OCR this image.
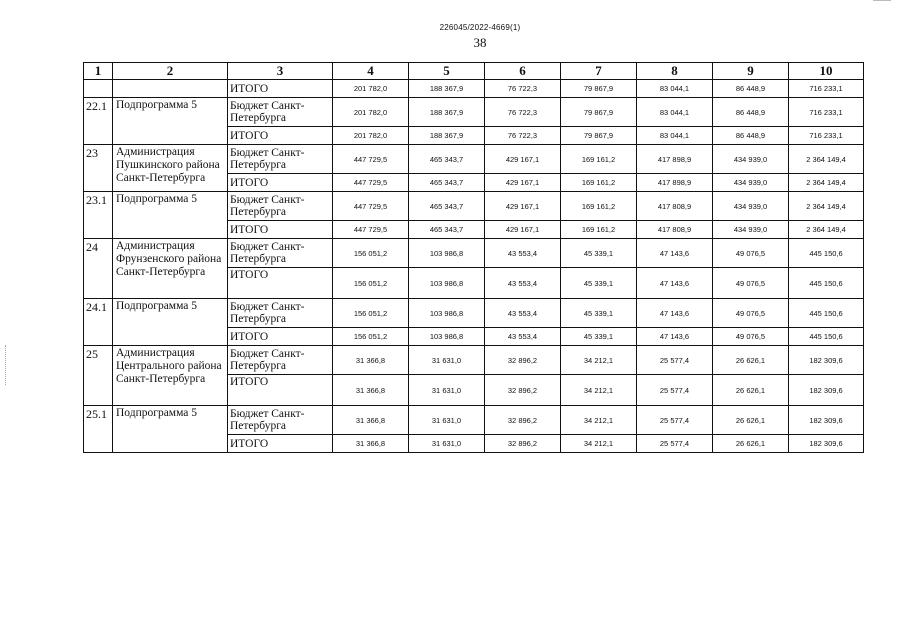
226045/2022-4669(1)
38
1	2	3	4	5	6	7	8	9	10
		ИТОГО	201 782,0	188 367,9	76 722,3	79 867,9	83 044,1	86 448,9	716 233,1
22.1	Подпрограмма 5	Бюджет Санкт-Петербурга	201 782,0	188 367,9	76 722,3	79 867,9	83 044,1	86 448,9	716 233,1
		ИТОГО	201 782,0	188 367,9	76 722,3	79 867,9	83 044,1	86 448,9	716 233,1
23	Администрация Пушкинского района Санкт-Петербурга	Бюджет Санкт-Петербурга	447 729,5	465 343,7	429 167,1	169 161,2	417 898,9	434 939,0	2 364 149,4
		ИТОГО	447 729,5	465 343,7	429 167,1	169 161,2	417 898,9	434 939,0	2 364 149,4
23.1	Подпрограмма 5	Бюджет Санкт-Петербурга	447 729,5	465 343,7	429 167,1	169 161,2	417 808,9	434 939,0	2 364 149,4
		ИТОГО	447 729,5	465 343,7	429 167,1	169 161,2	417 808,9	434 939,0	2 364 149,4
24	Администрация Фрунзенского района Санкт-Петербурга	Бюджет Санкт-Петербурга	156 051,2	103 986,8	43 553,4	45 339,1	47 143,6	49 076,5	445 150,6
		ИТОГО	156 051,2	103 986,8	43 553,4	45 339,1	47 143,6	49 076,5	445 150,6
24.1	Подпрограмма 5	Бюджет Санкт-Петербурга	156 051,2	103 986,8	43 553,4	45 339,1	47 143,6	49 076,5	445 150,6
		ИТОГО	156 051,2	103 986,8	43 553,4	45 339,1	47 143,6	49 076,5	445 150,6
25	Администрация Центрального района Санкт-Петербурга	Бюджет Санкт-Петербурга	31 366,8	31 631,0	32 896,2	34 212,1	25 577,4	26 626,1	182 309,6
		ИТОГО	31 366,8	31 631,0	32 896,2	34 212,1	25 577,4	26 626,1	182 309,6
25.1	Подпрограмма 5	Бюджет Санкт-Петербурга	31 366,8	31 631,0	32 896,2	34 212,1	25 577,4	26 626,1	182 309,6
		ИТОГО	31 366,8	31 631,0	32 896,2	34 212,1	25 577,4	26 626,1	182 309,6
